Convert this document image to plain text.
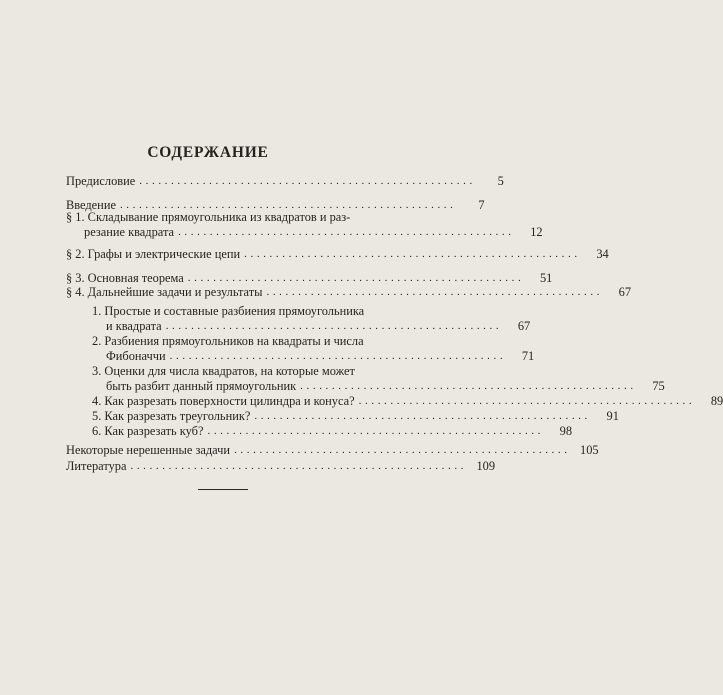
СОДЕРЖАНИЕ
Предисловие .....................................................	5
Введение .....................................................	7
§ 1. Складывание прямоугольника из квадратов и раз-
резание квадрата .....................................................	12
§ 2. Графы и электрические цепи .....................................................	34
§ 3. Основная теорема .....................................................	51
§ 4. Дальнейшие задачи и результаты .....................................................	67
1. Простые и составные разбиения прямоугольника
и квадрата .....................................................	67
2. Разбиения прямоугольников на квадраты и числа
Фибоначчи .....................................................	71
3. Оценки для числа квадратов, на которые может
быть разбит данный прямоугольник .....................................................	75
4. Как разрезать поверхности цилиндра и конуса? .....................................................	89
5. Как разрезать треугольник? .....................................................	91
6. Как разрезать куб? .....................................................	98
Некоторые нерешенные задачи ..................................................... 105
Литература ..................................................... 109
